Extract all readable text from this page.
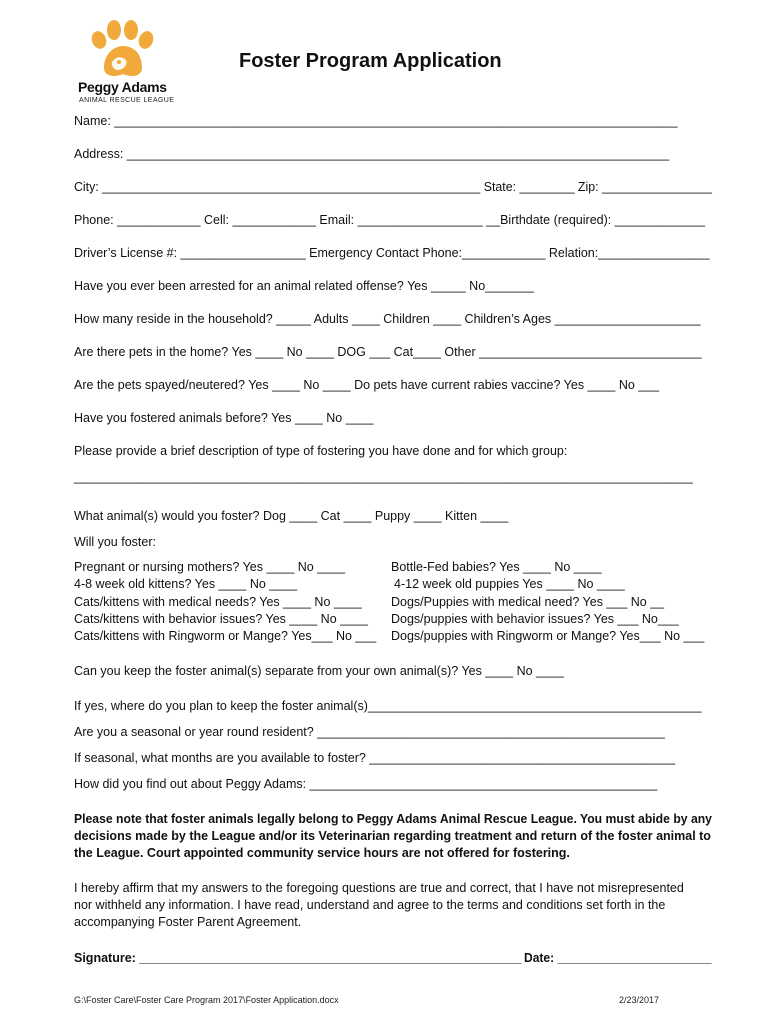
Peggy Adams
ANIMAL RESCUE LEAGUE
Foster Program Application
Name: _________________________________________________________________________________
Address: ______________________________________________________________________________
City: _______________________________________________________ State: ________ Zip: ________________
Phone: ____________ Cell: ____________ Email: __________________ __Birthdate (required): _____________
Driver’s License #: __________________ Emergency Contact Phone:____________ Relation:________________
Have you ever been arrested for an animal related offense? Yes _____ No_______
How many reside in the household? _____ Adults ____ Children ____ Children’s Ages _____________________
Are there pets in the home? Yes ____ No ____ DOG ___ Cat____ Other ________________________________
Are the pets spayed/neutered? Yes ____ No ____ Do pets have current rabies vaccine? Yes ____ No ___
Have you fostered animals before? Yes ____ No ____
Please provide a brief description of type of fostering you have done and for which group:
_________________________________________________________________________________________
What animal(s) would you foster? Dog ____ Cat ____ Puppy ____ Kitten ____
Will you foster:
Pregnant or nursing mothers? Yes ____ No ____
4-8 week old kittens? Yes ____ No ____
Cats/kittens with medical needs? Yes ____ No ____
Cats/kittens with behavior issues? Yes ____ No ____
Cats/kittens with Ringworm or Mange? Yes___ No ___
Bottle-Fed babies? Yes ____ No ____
4-12 week old puppies Yes ____ No ____
Dogs/Puppies with medical need? Yes ___ No __
Dogs/puppies with behavior issues? Yes ___ No___
Dogs/puppies with Ringworm or Mange? Yes___ No ___
Can you keep the foster animal(s) separate from your own animal(s)? Yes ____ No ____
If yes, where do you plan to keep the foster animal(s)________________________________________________
Are you a seasonal or year round resident? __________________________________________________
If seasonal, what months are you available to foster? ____________________________________________
How did you find out about Peggy Adams: __________________________________________________
Please note that foster animals legally belong to Peggy Adams Animal Rescue League. You must abide by any
decisions made by the League and/or its Veterinarian regarding treatment and return of the foster animal to
the League. Court appointed community service hours are not offered for fostering.
I hereby affirm that my answers to the foregoing questions are true and correct, that I have not misrepresented
nor withheld any information. I have read, understand and agree to the terms and conditions set forth in the
accompanying Foster Parent Agreement.
Signature: _______________________________________________________ Date: _______________________
G:\Foster Care\Foster Care Program 2017\Foster Application.docx	2/23/2017
